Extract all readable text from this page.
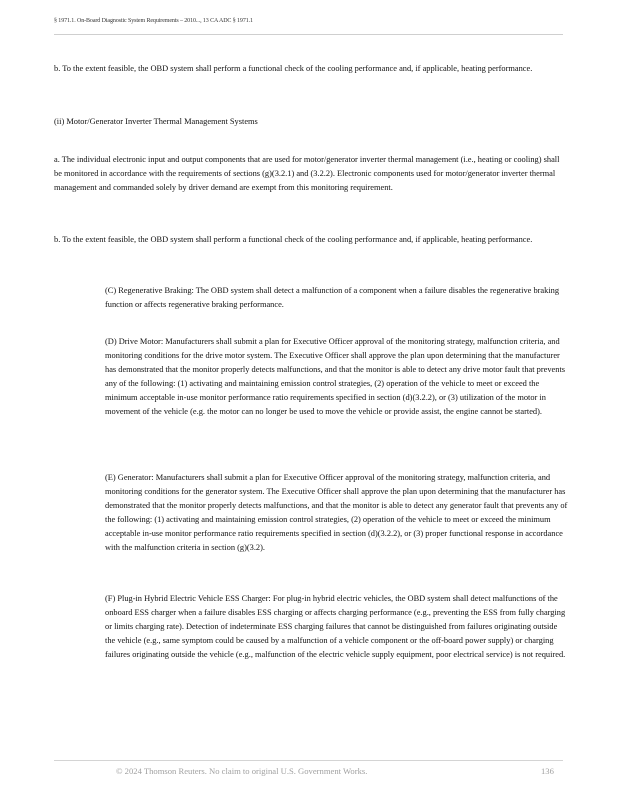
§ 1971.1. On-Board Diagnostic System Requirements – 2010..., 13 CA ADC § 1971.1

b. To the extent feasible, the OBD system shall perform a functional check of the cooling performance and, if applicable, heating performance.

(ii) Motor/Generator Inverter Thermal Management Systems

a. The individual electronic input and output components that are used for motor/generator inverter thermal management (i.e., heating or cooling) shall be monitored in accordance with the requirements of sections (g)(3.2.1) and (3.2.2). Electronic components used for motor/generator inverter thermal management and commanded solely by driver demand are exempt from this monitoring requirement.

b. To the extent feasible, the OBD system shall perform a functional check of the cooling performance and, if applicable, heating performance.

(C) Regenerative Braking: The OBD system shall detect a malfunction of a component when a failure disables the regenerative braking function or affects regenerative braking performance.

(D) Drive Motor: Manufacturers shall submit a plan for Executive Officer approval of the monitoring strategy, malfunction criteria, and monitoring conditions for the drive motor system. The Executive Officer shall approve the plan upon determining that the manufacturer has demonstrated that the monitor properly detects malfunctions, and that the monitor is able to detect any drive motor fault that prevents any of the following: (1) activating and maintaining emission control strategies, (2) operation of the vehicle to meet or exceed the minimum acceptable in-use monitor performance ratio requirements specified in section (d)(3.2.2), or (3) utilization of the motor in movement of the vehicle (e.g. the motor can no longer be used to move the vehicle or provide assist, the engine cannot be started).

(E) Generator: Manufacturers shall submit a plan for Executive Officer approval of the monitoring strategy, malfunction criteria, and monitoring conditions for the generator system. The Executive Officer shall approve the plan upon determining that the manufacturer has demonstrated that the monitor properly detects malfunctions, and that the monitor is able to detect any generator fault that prevents any of the following: (1) activating and maintaining emission control strategies, (2) operation of the vehicle to meet or exceed the minimum acceptable in-use monitor performance ratio requirements specified in section (d)(3.2.2), or (3) proper functional response in accordance with the malfunction criteria in section (g)(3.2).

(F) Plug-in Hybrid Electric Vehicle ESS Charger: For plug-in hybrid electric vehicles, the OBD system shall detect malfunctions of the onboard ESS charger when a failure disables ESS charging or affects charging performance (e.g., preventing the ESS from fully charging or limits charging rate). Detection of indeterminate ESS charging failures that cannot be distinguished from failures originating outside the vehicle (e.g., same symptom could be caused by a malfunction of a vehicle component or the off-board power supply) or charging failures originating outside the vehicle (e.g., malfunction of the electric vehicle supply equipment, poor electrical service) is not required.

© 2024 Thomson Reuters. No claim to original U.S. Government Works.	136
